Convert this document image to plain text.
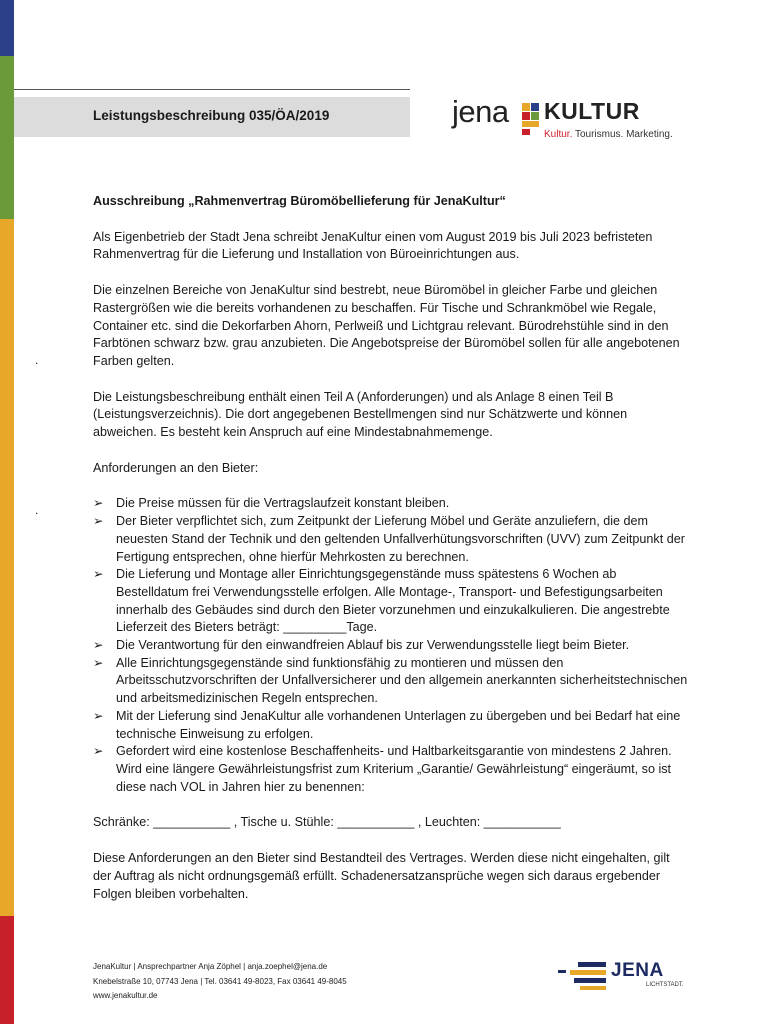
Leistungsbeschreibung 035/ÖA/2019	jena KULTUR
Kultur. Tourismus. Marketing.
.
.

Ausschreibung „Rahmenvertrag Büromöbellieferung für JenaKultur“

Als Eigenbetrieb der Stadt Jena schreibt JenaKultur einen vom August 2019 bis Juli 2023 befristeten Rahmenvertrag für die Lieferung und Installation von Büroeinrichtungen aus.

Die einzelnen Bereiche von JenaKultur sind bestrebt, neue Büromöbel in gleicher Farbe und gleichen Rastergrößen wie die bereits vorhandenen zu beschaffen. Für Tische und Schrankmöbel wie Regale, Container etc. sind die Dekorfarben Ahorn, Perlweiß und Lichtgrau relevant. Bürodrehstühle sind in den Farbtönen schwarz bzw. grau anzubieten. Die Angebotspreise der Büromöbel sollen für alle angebotenen Farben gelten.

Die Leistungsbeschreibung enthält einen Teil A (Anforderungen) und als Anlage 8 einen Teil B (Leistungsverzeichnis). Die dort angegebenen Bestellmengen sind nur Schätzwerte und können abweichen. Es besteht kein Anspruch auf eine Mindestabnahmemenge.

Anforderungen an den Bieter:

➢ Die Preise müssen für die Vertragslaufzeit konstant bleiben.
➢ Der Bieter verpflichtet sich, zum Zeitpunkt der Lieferung Möbel und Geräte anzuliefern, die dem neuesten Stand der Technik und den geltenden Unfallverhütungsvorschriften (UVV) zum Zeitpunkt der Fertigung entsprechen, ohne hierfür Mehrkosten zu berechnen.
➢ Die Lieferung und Montage aller Einrichtungsgegenstände muss spätestens 6 Wochen ab Bestelldatum frei Verwendungsstelle erfolgen. Alle Montage-, Transport- und Befestigungsarbeiten innerhalb des Gebäudes sind durch den Bieter vorzunehmen und einzukalkulieren. Die angestrebte Lieferzeit des Bieters beträgt: _________Tage.
➢ Die Verantwortung für den einwandfreien Ablauf bis zur Verwendungsstelle liegt beim Bieter.
➢ Alle Einrichtungsgegenstände sind funktionsfähig zu montieren und müssen den Arbeitsschutzvorschriften der Unfallversicherer und den allgemein anerkannten sicherheitstechnischen und arbeitsmedizinischen Regeln entsprechen.
➢ Mit der Lieferung sind JenaKultur alle vorhandenen Unterlagen zu übergeben und bei Bedarf hat eine technische Einweisung zu erfolgen.
➢ Gefordert wird eine kostenlose Beschaffenheits- und Haltbarkeitsgarantie von mindestens 2 Jahren. Wird eine längere Gewährleistungsfrist zum Kriterium „Garantie/ Gewährleistung“ eingeräumt, so ist diese nach VOL in Jahren hier zu benennen:

Schränke: ___________ , Tische u. Stühle: ___________ , Leuchten: ___________

Diese Anforderungen an den Bieter sind Bestandteil des Vertrages. Werden diese nicht eingehalten, gilt der Auftrag als nicht ordnungsgemäß erfüllt. Schadenersatzansprüche wegen sich daraus ergebender Folgen bleiben vorbehalten.

JenaKultur | Ansprechpartner Anja Zöphel | anja.zoephel@jena.de

Knebelstraße 10, 07743 Jena | Tel. 03641 49-8023, Fax 03641 49-8045

www.jenakultur.de

JENA
LICHTSTADT.
